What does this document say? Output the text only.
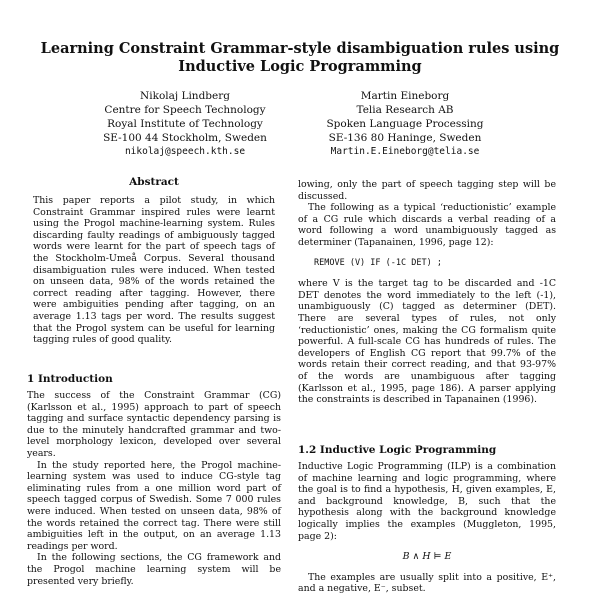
Learning Constraint Grammar-style disambiguation rules using
Inductive Logic Programming
Nikolaj Lindberg
Centre for Speech Technology
Royal Institute of Technology
SE-100 44 Stockholm, Sweden
nikolaj@speech.kth.se
Martin Eineborg
Telia Research AB
Spoken Language Processing
SE-136 80 Haninge, Sweden
Martin.E.Eineborg@telia.se
Abstract

This paper reports a pilot study, in which Constraint Grammar inspired rules were learnt using the Progol machine-learning system. Rules discarding faulty readings of ambiguously tagged words were learnt for the part of speech tags of the Stockholm-Umeå Corpus. Several thousand disambiguation rules were induced. When tested on unseen data, 98% of the words retained the correct reading after tagging. However, there were ambiguities pending after tagging, on an average 1.13 tags per word. The results suggest that the Progol system can be useful for learning tagging rules of good quality.

1 Introduction

The success of the Constraint Grammar (CG) (Karlsson et al., 1995) approach to part of speech tagging and surface syntactic dependency parsing is due to the minutely handcrafted grammar and two-level morphology lexicon, developed over several years.

In the study reported here, the Progol machine-learning system was used to induce CG-style tag eliminating rules from a one million word part of speech tagged corpus of Swedish. Some 7 000 rules were induced. When tested on unseen data, 98% of the words retained the correct tag. There were still ambiguities left in the output, on an average 1.13 readings per word.

In the following sections, the CG framework and the Progol machine learning system will be presented very briefly.

lowing, only the part of speech tagging step will be discussed.

The following as a typical ‘reductionistic’ example of a CG rule which discards a verbal reading of a word following a word unambiguously tagged as determiner (Tapanainen, 1996, page 12):

REMOVE (V) IF (-1C DET) ;

where V is the target tag to be discarded and -1C DET denotes the word immediately to the left (-1), unambiguously (C) tagged as determiner (DET). There are several types of rules, not only ‘reductionistic’ ones, making the CG formalism quite powerful. A full-scale CG has hundreds of rules. The developers of English CG report that 99.7% of the words retain their correct reading, and that 93-97% of the words are unambiguous after tagging (Karlsson et al., 1995, page 186). A parser applying the constraints is described in Tapanainen (1996).

1.2 Inductive Logic Programming

Inductive Logic Programming (ILP) is a combination of machine learning and logic programming, where the goal is to find a hypothesis, H, given examples, E, and background knowledge, B, such that the hypothesis along with the background knowledge logically implies the examples (Muggleton, 1995, page 2):

B ∧ H ⊨ E

The examples are usually split into a positive, E⁺, and a negative, E⁻, subset.
